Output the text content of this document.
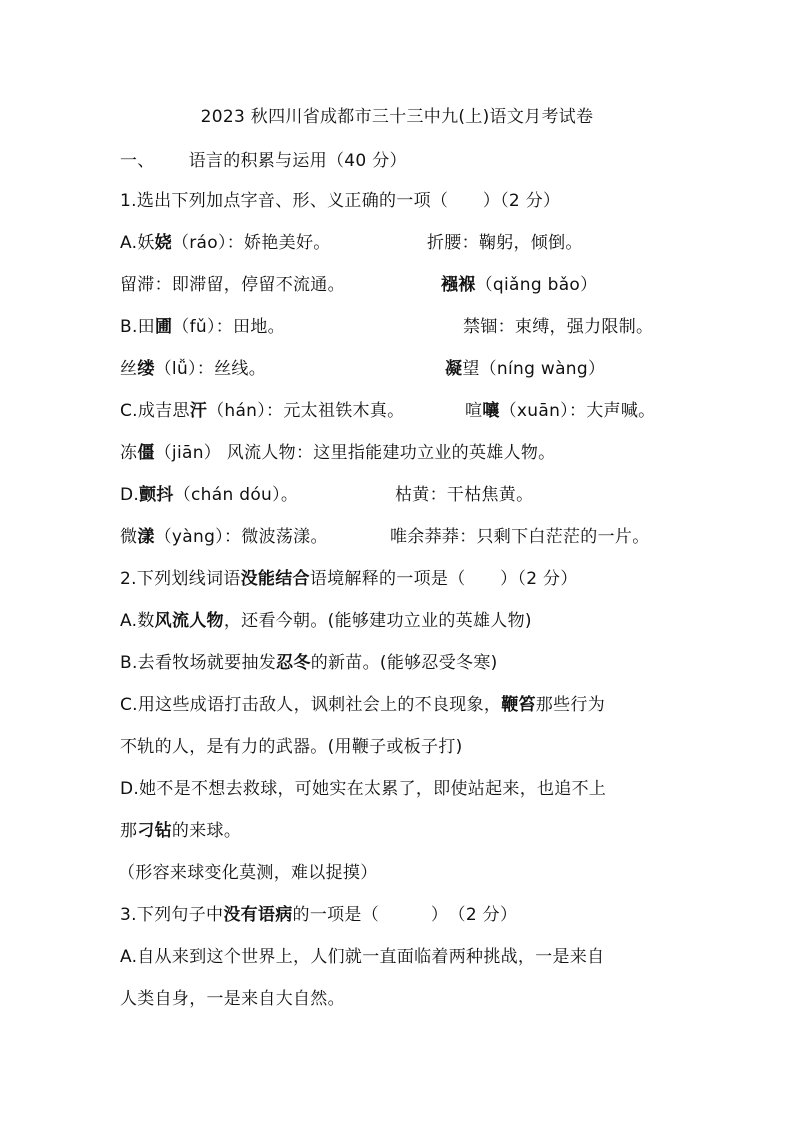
2023 秋四川省成都市三十三中九(上)语文月考试卷
一、 语言的积累与运用（40 分）
1.选出下列加点字音、形、义正确的一项（　　）（2 分）
A.妖娆（ráo）：娇艳美好。	折腰：鞠躬，倾倒。
留滞：即滞留，停留不流通。	襁褓（qiǎng bǎo）
B.田圃（fǔ）：田地。	禁锢：束缚，强力限制。
丝缕（lǚ）：丝线。	凝望（níng wàng）
C.成吉思汗（hán）：元太祖铁木真。	喧嚷（xuān）：大声喊。
冻僵（jiān） 风流人物：这里指能建功立业的英雄人物。
D.颤抖（chán dóu）。	枯黄：干枯焦黄。
微漾（yàng）：微波荡漾。	唯余莽莽：只剩下白茫茫的一片。
2.下列划线词语没能结合语境解释的一项是（　　）（2 分）
A.数风流人物，还看今朝。(能够建功立业的英雄人物)
B.去看牧场就要抽发忍冬的新苗。(能够忍受冬寒)
C.用这些成语打击敌人，讽刺社会上的不良现象，鞭笞那些行为
不轨的人，是有力的武器。(用鞭子或板子打)
D.她不是不想去救球，可她实在太累了，即使站起来，也追不上
那刁钻的来球。
（形容来球变化莫测，难以捉摸）
3.下列句子中没有语病的一项是（　　　）　（2 分）
A.自从来到这个世界上，人们就一直面临着两种挑战，一是来自
人类自身，一是来自大自然。
